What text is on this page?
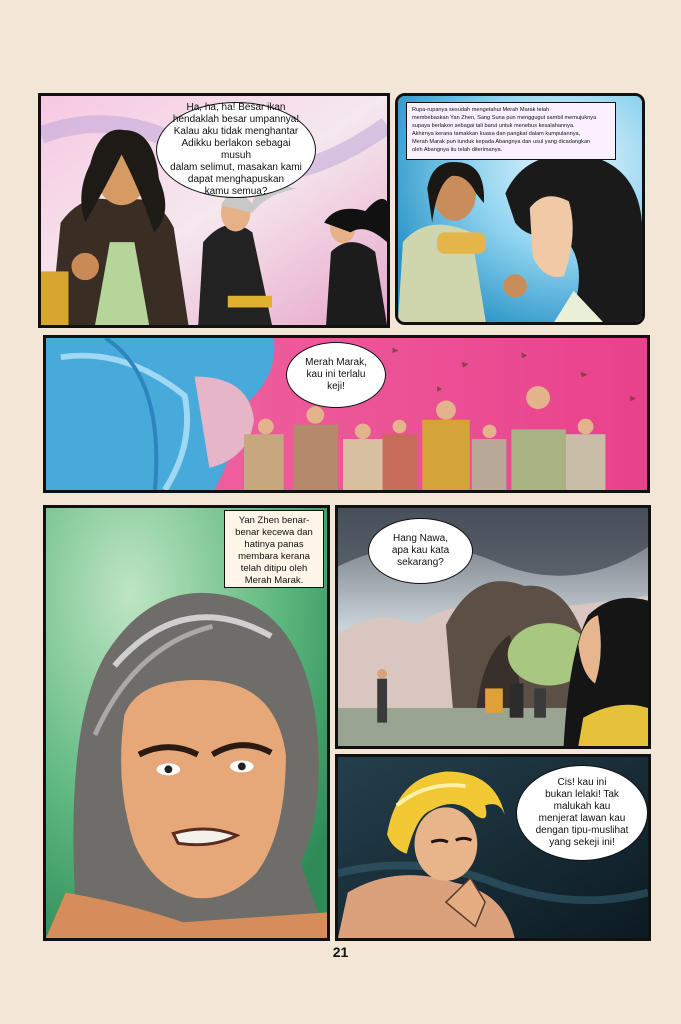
ha, ha! Besar
hendaklah besar umpannya!
Kalau aku tidak menghantar
Adikku berlakon sebagai musuh
dalam selimut, masakan kami
dapat menghapuskan
kamu semua?
Rupa-rupanya sesudah mengetahui Merah Marak telah
membebaskan Yan Zhen, Sang Suna pun menggugut sambil memujuknya
supaya berlakon sebagai tali barut untuk menebus kesalahannya.
Akhirnya kerana tamakkan kuasa dan pangkat dalam kumpulannya,
Merah Marak pun tunduk kepada Abangnya dan usul yang dicadangkan
oleh Abangnya itu telah diterimanya.
Merah Marak,
kau ini terlalu
keji!
Yan Zhen benar-
benar kecewa dan
hatinya panas
membara kerana
telah ditipu oleh
Merah Marak.
Hang Nawa,
apa kau kata
sekarang?
Cis! kau ini
bukan lelaki! Tak
malukah kau
menjerat lawan kau
dengan tipu-muslihat
yang sekeji ini!
21
